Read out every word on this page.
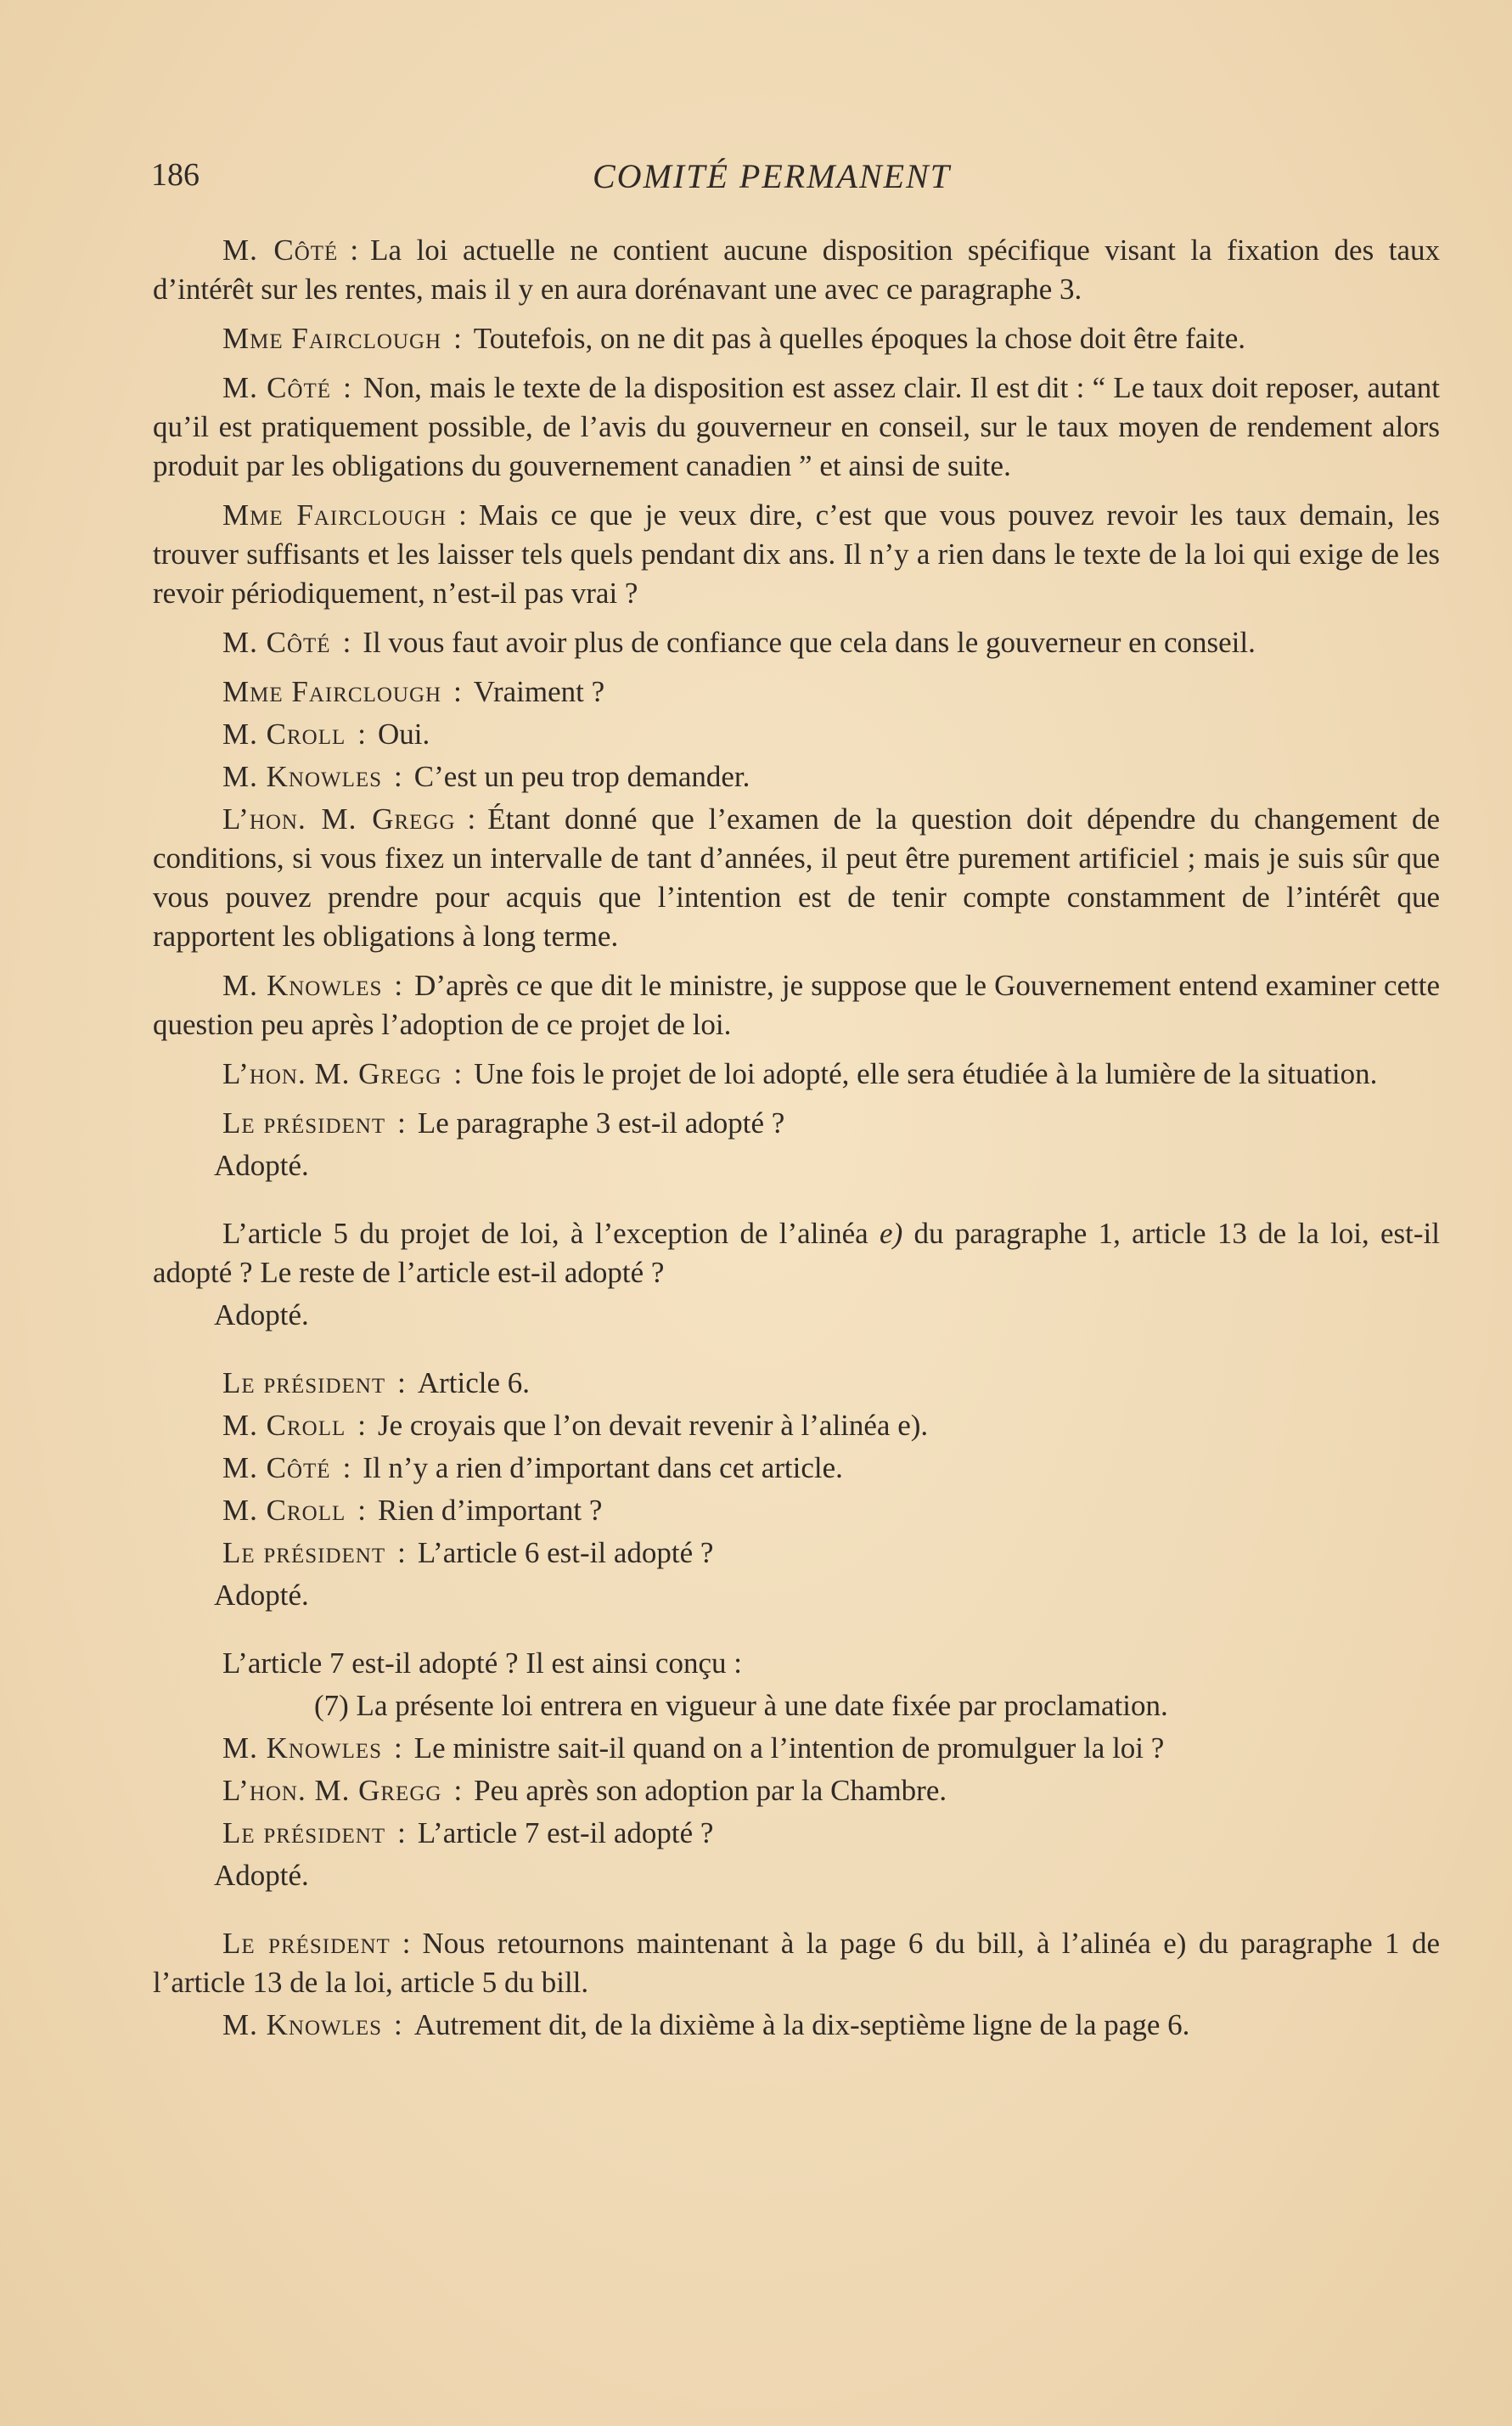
186	COMITÉ PERMANENT

M. Côté : La loi actuelle ne contient aucune disposition spécifique visant la fixation des taux d’intérêt sur les rentes, mais il y en aura dorénavant une avec ce paragraphe 3.

Mme Fairclough : Toutefois, on ne dit pas à quelles époques la chose doit être faite.

M. Côté : Non, mais le texte de la disposition est assez clair. Il est dit : “ Le taux doit reposer, autant qu’il est pratiquement possible, de l’avis du gouverneur en conseil, sur le taux moyen de rendement alors produit par les obligations du gouvernement canadien ” et ainsi de suite.

Mme Fairclough : Mais ce que je veux dire, c’est que vous pouvez revoir les taux demain, les trouver suffisants et les laisser tels quels pendant dix ans. Il n’y a rien dans le texte de la loi qui exige de les revoir périodiquement, n’est-il pas vrai ?

M. Côté : Il vous faut avoir plus de confiance que cela dans le gouverneur en conseil.

Mme Fairclough : Vraiment ?

M. Croll : Oui.

M. Knowles : C’est un peu trop demander.

L’hon. M. Gregg : Étant donné que l’examen de la question doit dépendre du changement de conditions, si vous fixez un intervalle de tant d’années, il peut être purement artificiel ; mais je suis sûr que vous pouvez prendre pour acquis que l’intention est de tenir compte constamment de l’intérêt que rapportent les obligations à long terme.

M. Knowles : D’après ce que dit le ministre, je suppose que le Gouvernement entend examiner cette question peu après l’adoption de ce projet de loi.

L’hon. M. Gregg : Une fois le projet de loi adopté, elle sera étudiée à la lumière de la situation.

Le président : Le paragraphe 3 est-il adopté ?

Adopté.

L’article 5 du projet de loi, à l’exception de l’alinéa e) du paragraphe 1, article 13 de la loi, est-il adopté ? Le reste de l’article est-il adopté ?

Adopté.

Le président : Article 6.

M. Croll : Je croyais que l’on devait revenir à l’alinéa e).

M. Côté : Il n’y a rien d’important dans cet article.

M. Croll : Rien d’important ?

Le président : L’article 6 est-il adopté ?

Adopté.

L’article 7 est-il adopté ? Il est ainsi conçu :

(7) La présente loi entrera en vigueur à une date fixée par proclamation.

M. Knowles : Le ministre sait-il quand on a l’intention de promulguer la loi ?

L’hon. M. Gregg : Peu après son adoption par la Chambre.

Le président : L’article 7 est-il adopté ?

Adopté.

Le président : Nous retournons maintenant à la page 6 du bill, à l’alinéa e) du paragraphe 1 de l’article 13 de la loi, article 5 du bill.

M. Knowles : Autrement dit, de la dixième à la dix-septième ligne de la page 6.
